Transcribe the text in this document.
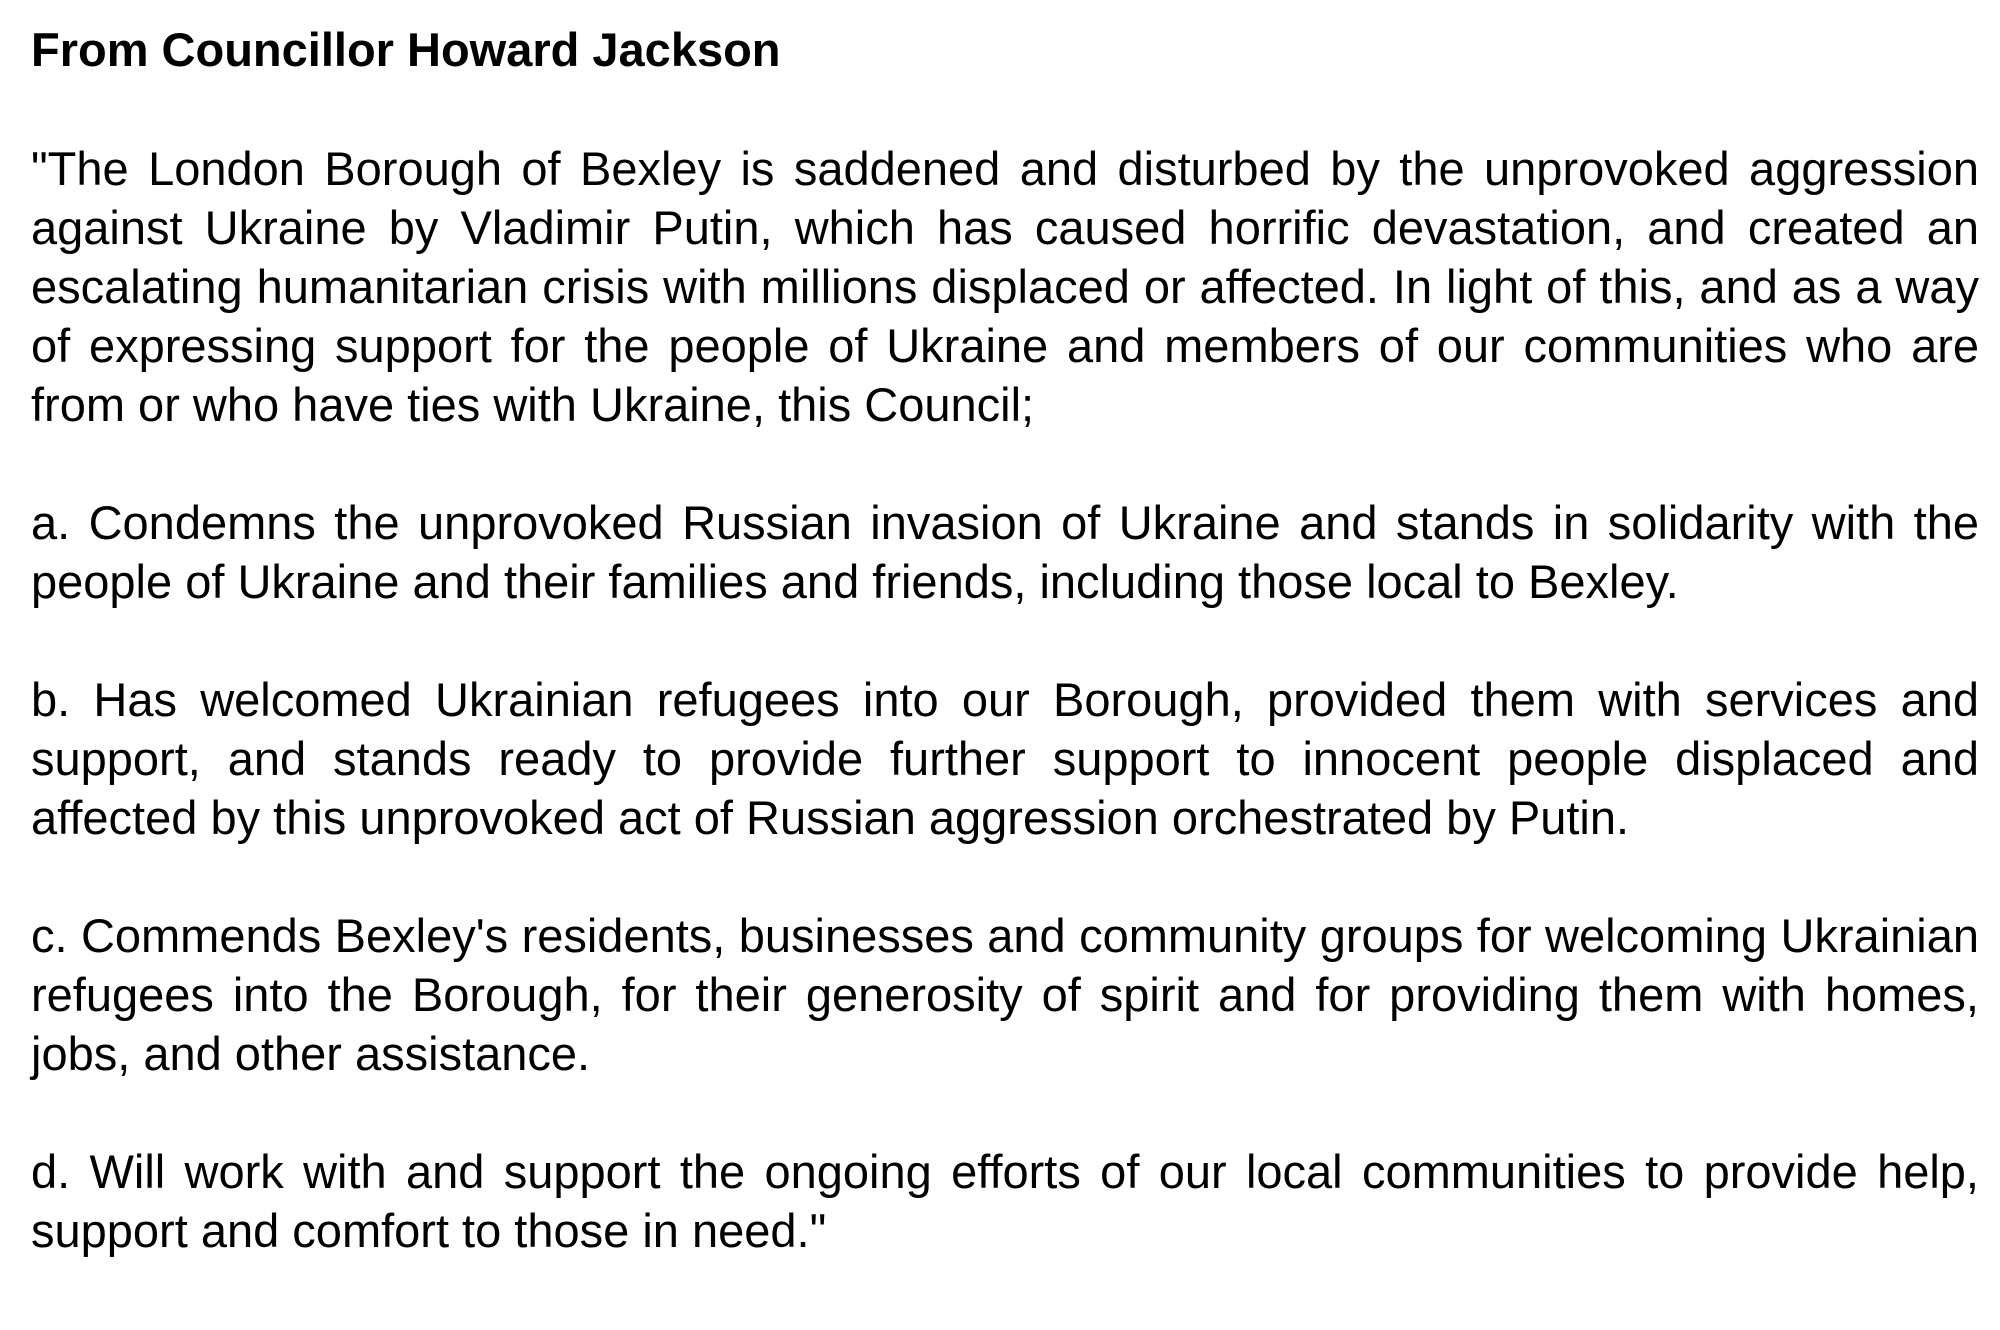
From Councillor Howard Jackson

"The London Borough of Bexley is saddened and disturbed by the unprovoked aggression against Ukraine by Vladimir Putin, which has caused horrific devastation, and created an escalating humanitarian crisis with millions displaced or affected. In light of this, and as a way of expressing support for the people of Ukraine and members of our communities who are from or who have ties with Ukraine, this Council;

a. Condemns the unprovoked Russian invasion of Ukraine and stands in solidarity with the people of Ukraine and their families and friends, including those local to Bexley.

b. Has welcomed Ukrainian refugees into our Borough, provided them with services and support, and stands ready to provide further support to innocent people displaced and affected by this unprovoked act of Russian aggression orchestrated by Putin.

c. Commends Bexley's residents, businesses and community groups for welcoming Ukrainian refugees into the Borough, for their generosity of spirit and for providing them with homes, jobs, and other assistance.

d. Will work with and support the ongoing efforts of our local communities to provide help, support and comfort to those in need."
